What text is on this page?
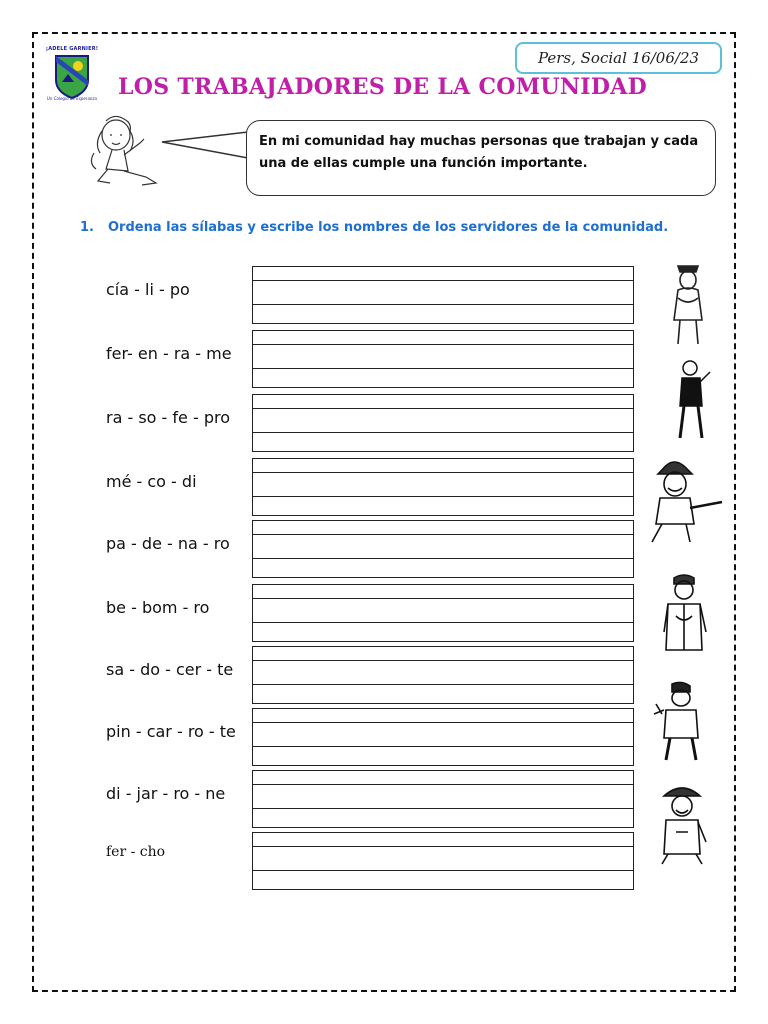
¡ADELE GARNIER!
Un Colegio de Esperanza
Pers, Social 16/06/23
LOS TRABAJADORES DE LA COMUNIDAD
En mi comunidad hay muchas personas que trabajan y cada una de ellas cumple una función importante.
1. Ordena las sílabas y escribe los nombres de los servidores de la comunidad.
cía - li - po
fer- en - ra - me
ra - so - fe - pro
mé - co - di
pa - de - na - ro
be - bom - ro
sa - do - cer - te
pin - car - ro - te
di - jar - ro - ne
fer - cho
